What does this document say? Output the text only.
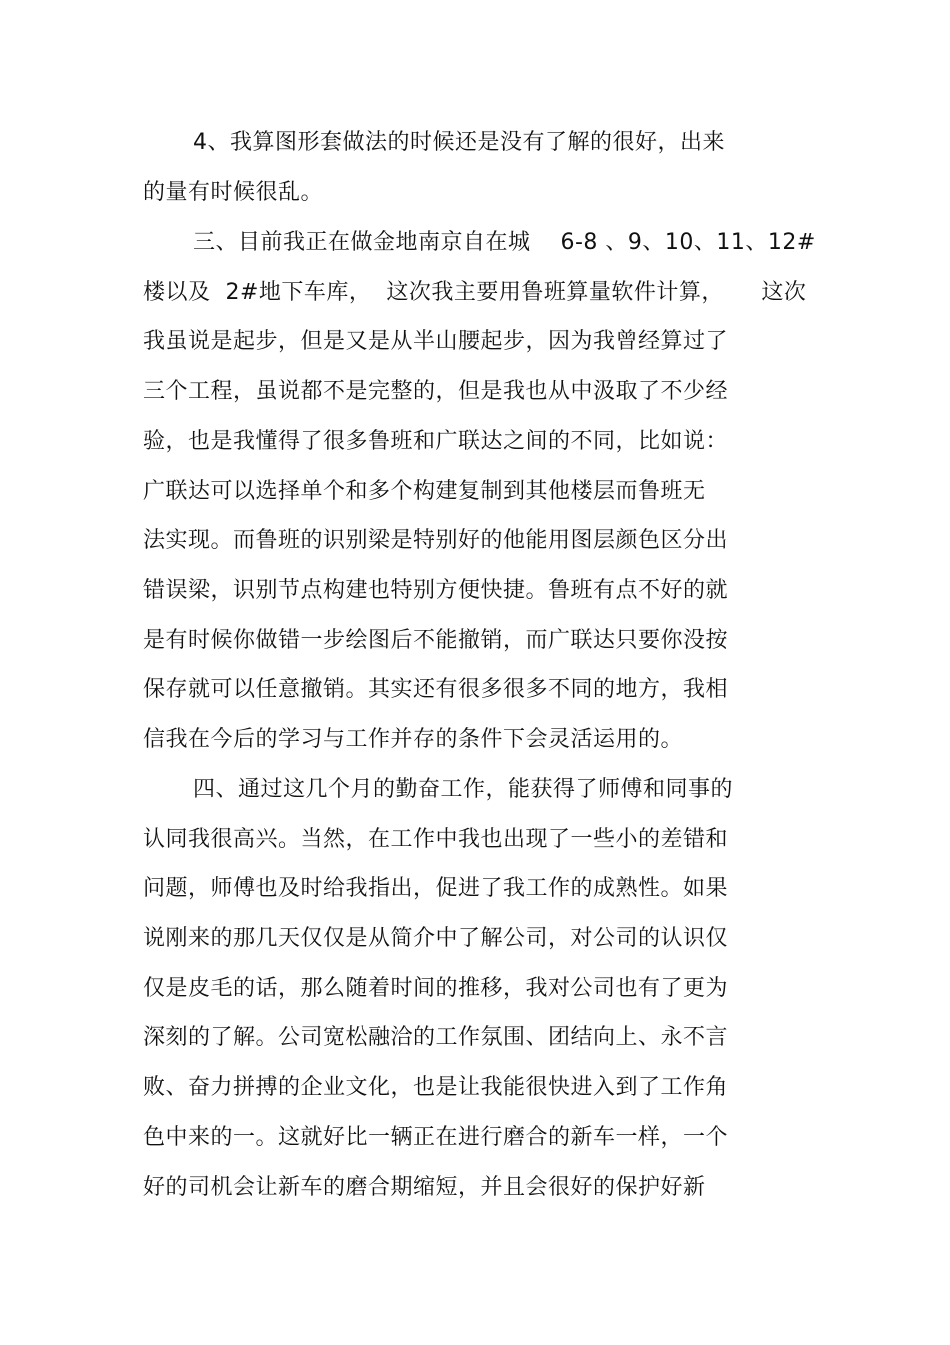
4、我算图形套做法的时候还是没有了解的很好，出来
的量有时候很乱。
三、目前我正在做金地南京自在城    6-8 、9、10、11、12#
楼以及  2#地下车库，  这次我主要用鲁班算量软件计算，     这次
我虽说是起步，但是又是从半山腰起步，因为我曾经算过了
三个工程，虽说都不是完整的，但是我也从中汲取了不少经
验，也是我懂得了很多鲁班和广联达之间的不同，比如说：
广联达可以选择单个和多个构建复制到其他楼层而鲁班无
法实现。而鲁班的识别梁是特别好的他能用图层颜色区分出
错误梁，识别节点构建也特别方便快捷。鲁班有点不好的就
是有时候你做错一步绘图后不能撤销，而广联达只要你没按
保存就可以任意撤销。其实还有很多很多不同的地方，我相
信我在今后的学习与工作并存的条件下会灵活运用的。
四、通过这几个月的勤奋工作，能获得了师傅和同事的
认同我很高兴。当然，在工作中我也出现了一些小的差错和
问题，师傅也及时给我指出，促进了我工作的成熟性。如果
说刚来的那几天仅仅是从简介中了解公司，对公司的认识仅
仅是皮毛的话，那么随着时间的推移，我对公司也有了更为
深刻的了解。公司宽松融洽的工作氛围、团结向上、永不言
败、奋力拼搏的企业文化，也是让我能很快进入到了工作角
色中来的一。这就好比一辆正在进行磨合的新车一样，一个
好的司机会让新车的磨合期缩短，并且会很好的保护好新
